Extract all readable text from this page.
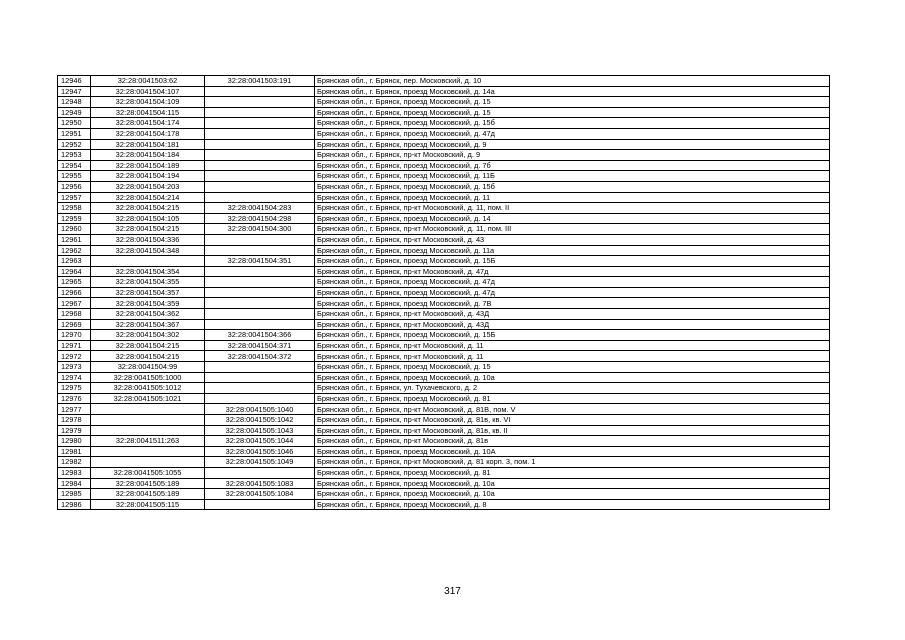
12946	32:28:0041503:62	32:28:0041503:191	Брянская обл., г. Брянск, пер. Московский, д. 10
12947	32:28:0041504:107		Брянская обл., г. Брянск, проезд Московский, д. 14а
12948	32:28:0041504:109		Брянская обл., г. Брянск, проезд Московский, д. 15
12949	32:28:0041504:115		Брянская обл., г. Брянск, проезд Московский, д. 15
12950	32:28:0041504:174		Брянская обл., г. Брянск, проезд Московский, д. 15б
12951	32:28:0041504:178		Брянская обл., г. Брянск, проезд Московский, д. 47д
12952	32:28:0041504:181		Брянская обл., г. Брянск, проезд Московский, д. 9
12953	32:28:0041504:184		Брянская обл., г. Брянск, пр-кт Московский, д. 9
12954	32:28:0041504:189		Брянская обл., г. Брянск, проезд Московский, д. 7б
12955	32:28:0041504:194		Брянская обл., г. Брянск, проезд Московский, д. 11Б
12956	32:28:0041504:203		Брянская обл., г. Брянск, проезд Московский, д. 15б
12957	32:28:0041504:214		Брянская обл., г. Брянск, проезд Московский, д. 11
12958	32:28:0041504:215	32:28:0041504:283	Брянская обл., г. Брянск, пр-кт Московский, д. 11, пом. II
12959	32:28:0041504:105	32:28:0041504:298	Брянская обл., г. Брянск, проезд Московский, д. 14
12960	32:28:0041504:215	32:28:0041504:300	Брянская обл., г. Брянск, пр-кт Московский, д. 11, пом. III
12961	32:28:0041504:336		Брянская обл., г. Брянск, пр-кт Московский, д. 43
12962	32:28:0041504:348		Брянская обл., г. Брянск, проезд Московский, д. 11а
12963		32:28:0041504:351	Брянская обл., г. Брянск, проезд Московский, д. 15Б
12964	32:28:0041504:354		Брянская обл., г. Брянск, пр-кт Московский, д. 47д
12965	32:28:0041504:355		Брянская обл., г. Брянск, проезд Московский, д. 47д
12966	32:28:0041504:357		Брянская обл., г. Брянск, проезд Московский, д. 47д
12967	32:28:0041504:359		Брянская обл., г. Брянск, проезд Московский, д. 7В
12968	32:28:0041504:362		Брянская обл., г. Брянск, пр-кт Московский, д. 43Д
12969	32:28:0041504:367		Брянская обл., г. Брянск, пр-кт Московский, д. 43Д
12970	32:28:0041504:302	32:28:0041504:366	Брянская обл., г. Брянск, проезд Московский, д. 15Б
12971	32:28:0041504:215	32:28:0041504:371	Брянская обл., г. Брянск, пр-кт Московский, д. 11
12972	32:28:0041504:215	32:28:0041504:372	Брянская обл., г. Брянск, пр-кт Московский, д. 11
12973	32:28:0041504:99		Брянская обл., г. Брянск, проезд Московский, д. 15
12974	32:28:0041505:1000		Брянская обл., г. Брянск, проезд Московский, д. 10а
12975	32:28:0041505:1012		Брянская обл., г. Брянск, ул. Тухачевского, д. 2
12976	32:28:0041505:1021		Брянская обл., г. Брянск, проезд Московский, д. 81
12977		32:28:0041505:1040	Брянская обл., г. Брянск, пр-кт Московский, д. 81В, пом. V
12978		32:28:0041505:1042	Брянская обл., г. Брянск, пр-кт Московский, д. 81в, кв. VI
12979		32:28:0041505:1043	Брянская обл., г. Брянск, пр-кт Московский, д. 81в, кв. II
12980	32:28:0041511:263	32:28:0041505:1044	Брянская обл., г. Брянск, пр-кт Московский, д. 81в
12981		32:28:0041505:1046	Брянская обл., г. Брянск, проезд Московский, д. 10А
12982		32:28:0041505:1049	Брянская обл., г. Брянск, пр-кт Московский, д. 81 корп. 3, пом. 1
12983	32:28:0041505:1055		Брянская обл., г. Брянск, проезд Московский, д. 81
12984	32:28:0041505:189	32:28:0041505:1083	Брянская обл., г. Брянск, проезд Московский, д. 10а
12985	32:28:0041505:189	32:28:0041505:1084	Брянская обл., г. Брянск, проезд Московский, д. 10а
12986	32:28:0041505:115		Брянская обл., г. Брянск, проезд Московский, д. 8
317
